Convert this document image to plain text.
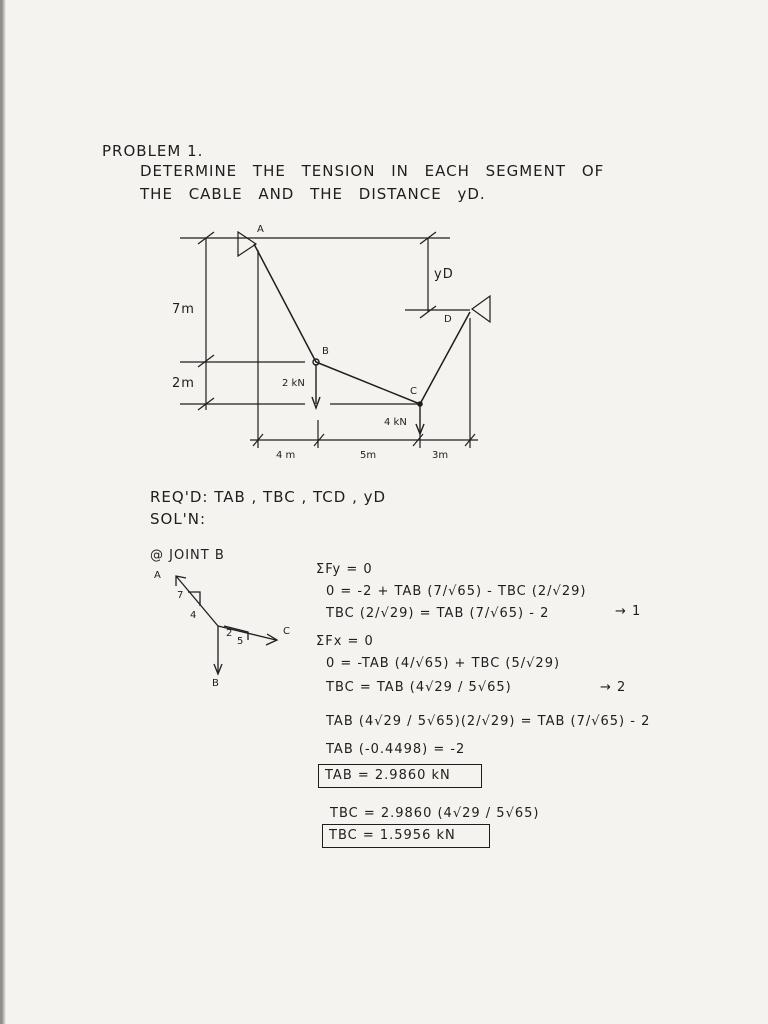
PROBLEM 1.
DETERMINE THE TENSION IN EACH SEGMENT OF
THE CABLE AND THE DISTANCE yD.
A
B
C
D
yD
7m
2m	2 kN
4 kN
4 m	5m	3m
REQ'D: TAB , TBC , TCD , yD
SOL'N:
@ JOINT B
A
7
4
2
5
C
B
ΣFy = 0
0 = -2 + TAB (7/√65) - TBC (2/√29)
TBC (2/√29) = TAB (7/√65) - 2	→ 1
ΣFx = 0
0 = -TAB (4/√65) + TBC (5/√29)
TBC = TAB (4√29 / 5√65)	→ 2
TAB (4√29 / 5√65)(2/√29) = TAB (7/√65) - 2
TAB (-0.4498) = -2
TAB = 2.9860 kN
TBC = 2.9860 (4√29 / 5√65)
TBC = 1.5956 kN
